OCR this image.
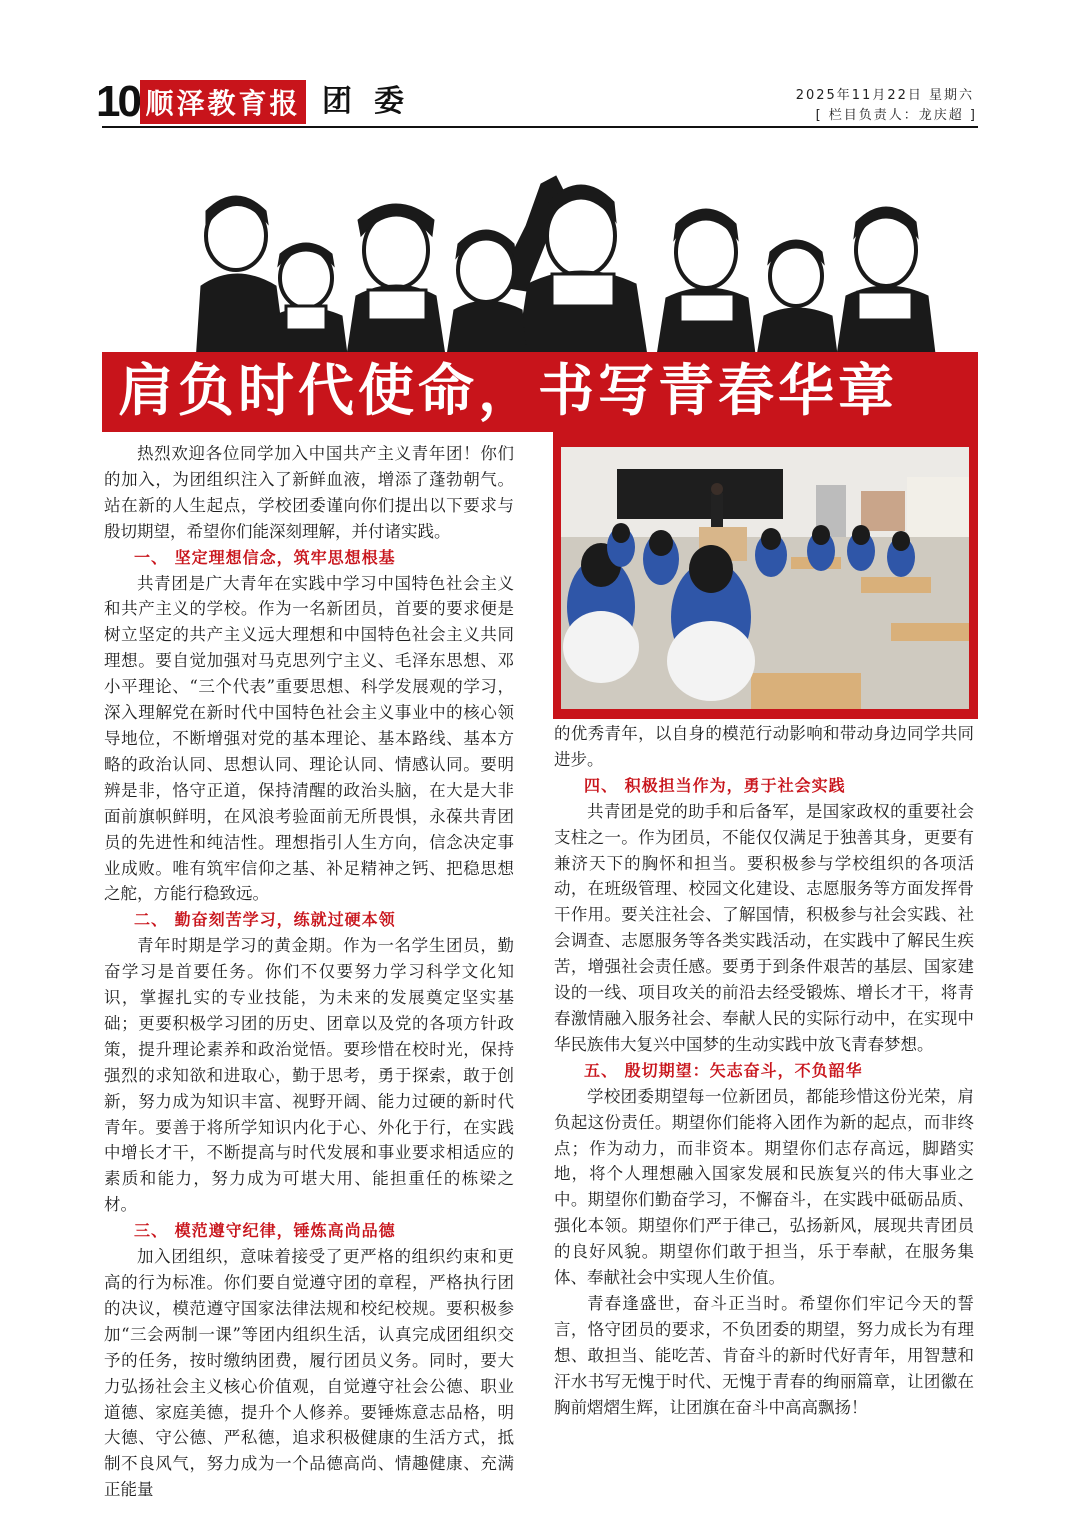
10 顺泽教育报 团委	2025年11月22日 星期六
[ 栏目负责人：龙庆超 ]
肩负时代使命，书写青春华章

热烈欢迎各位同学加入中国共产主义青年团！你们的加入，为团组织注入了新鲜血液，增添了蓬勃朝气。站在新的人生起点，学校团委谨向你们提出以下要求与殷切期望，希望你们能深刻理解，并付诸实践。

一、 坚定理想信念，筑牢思想根基

共青团是广大青年在实践中学习中国特色社会主义和共产主义的学校。作为一名新团员，首要的要求便是树立坚定的共产主义远大理想和中国特色社会主义共同理想。要自觉加强对马克思列宁主义、毛泽东思想、邓小平理论、“三个代表”重要思想、科学发展观的学习，深入理解党在新时代中国特色社会主义事业中的核心领导地位，不断增强对党的基本理论、基本路线、基本方略的政治认同、思想认同、理论认同、情感认同。要明辨是非，恪守正道，保持清醒的政治头脑，在大是大非面前旗帜鲜明，在风浪考验面前无所畏惧，永葆共青团员的先进性和纯洁性。理想指引人生方向，信念决定事业成败。唯有筑牢信仰之基、补足精神之钙、把稳思想之舵，方能行稳致远。

二、 勤奋刻苦学习，练就过硬本领

青年时期是学习的黄金期。作为一名学生团员，勤奋学习是首要任务。你们不仅要努力学习科学文化知识，掌握扎实的专业技能，为未来的发展奠定坚实基础；更要积极学习团的历史、团章以及党的各项方针政策，提升理论素养和政治觉悟。要珍惜在校时光，保持强烈的求知欲和进取心，勤于思考，勇于探索，敢于创新，努力成为知识丰富、视野开阔、能力过硬的新时代青年。要善于将所学知识内化于心、外化于行，在实践中增长才干，不断提高与时代发展和事业要求相适应的素质和能力，努力成为可堪大用、能担重任的栋梁之材。

三、 模范遵守纪律，锤炼高尚品德

加入团组织，意味着接受了更严格的组织约束和更高的行为标准。你们要自觉遵守团的章程，严格执行团的决议，模范遵守国家法律法规和校纪校规。要积极参加“三会两制一课”等团内组织生活，认真完成团组织交予的任务，按时缴纳团费，履行团员义务。同时，要大力弘扬社会主义核心价值观，自觉遵守社会公德、职业道德、家庭美德，提升个人修养。要锤炼意志品格，明大德、守公德、严私德，追求积极健康的生活方式，抵制不良风气，努力成为一个品德高尚、情趣健康、充满正能量

的优秀青年，以自身的模范行动影响和带动身边同学共同进步。

四、 积极担当作为，勇于社会实践

共青团是党的助手和后备军，是国家政权的重要社会支柱之一。作为团员，不能仅仅满足于独善其身，更要有兼济天下的胸怀和担当。要积极参与学校组织的各项活动，在班级管理、校园文化建设、志愿服务等方面发挥骨干作用。要关注社会、了解国情，积极参与社会实践、社会调查、志愿服务等各类实践活动，在实践中了解民生疾苦，增强社会责任感。要勇于到条件艰苦的基层、国家建设的一线、项目攻关的前沿去经受锻炼、增长才干，将青春激情融入服务社会、奉献人民的实际行动中，在实现中华民族伟大复兴中国梦的生动实践中放飞青春梦想。

五、 殷切期望：矢志奋斗，不负韶华

学校团委期望每一位新团员，都能珍惜这份光荣，肩负起这份责任。期望你们能将入团作为新的起点，而非终点；作为动力，而非资本。期望你们志存高远，脚踏实地，将个人理想融入国家发展和民族复兴的伟大事业之中。期望你们勤奋学习，不懈奋斗，在实践中砥砺品质、强化本领。期望你们严于律己，弘扬新风，展现共青团员的良好风貌。期望你们敢于担当，乐于奉献，在服务集体、奉献社会中实现人生价值。

青春逢盛世，奋斗正当时。希望你们牢记今天的誓言，恪守团员的要求，不负团委的期望，努力成长为有理想、敢担当、能吃苦、肯奋斗的新时代好青年，用智慧和汗水书写无愧于时代、无愧于青春的绚丽篇章，让团徽在胸前熠熠生辉，让团旗在奋斗中高高飘扬！
